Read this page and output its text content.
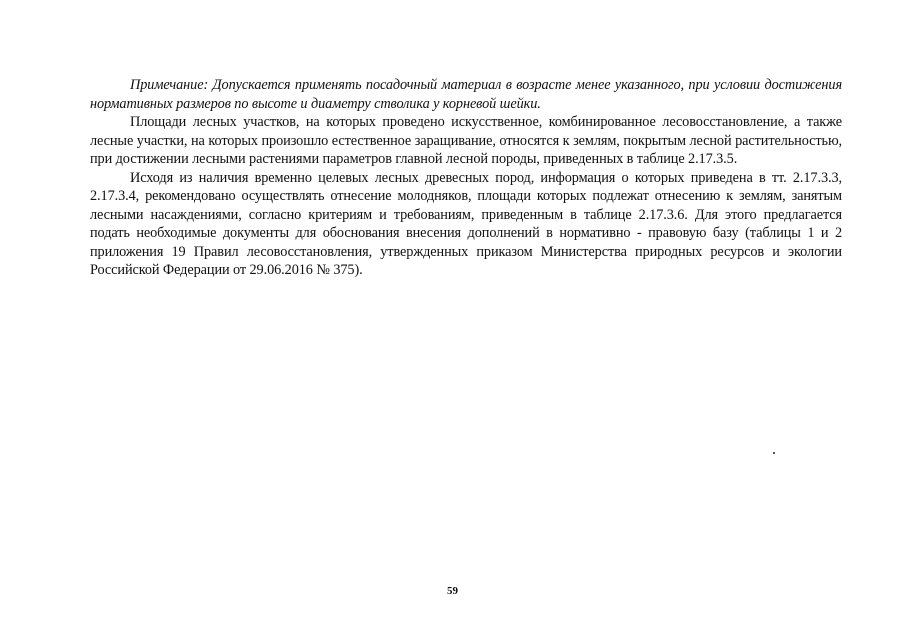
Примечание: Допускается применять посадочный материал в возрасте менее указанного, при условии достижения нормативных размеров по высоте и диаметру стволика у корневой шейки.

Площади лесных участков, на которых проведено искусственное, комбинированное лесовосстановление, а также лесные участки, на которых произошло естественное заращивание, относятся к землям, покрытым лесной растительностью, при достижении лесными растениями параметров главной лесной породы, приведенных в таблице 2.17.3.5.

Исходя из наличия временно целевых лесных древесных пород, информация о которых приведена в тт. 2.17.3.3, 2.17.3.4, рекомендовано осуществлять отнесение молодняков, площади которых подлежат отнесению к землям, занятым лесными насаждениями, согласно критериям и требованиям, приведенным в таблице 2.17.3.6. Для этого предлагается подать необходимые документы для обоснования внесения дополнений в нормативно - правовую базу (таблицы 1 и 2 приложения 19 Правил лесовосстановления, утвержденных приказом Министерства природных ресурсов и экологии Российской Федерации от 29.06.2016 № 375).

59
